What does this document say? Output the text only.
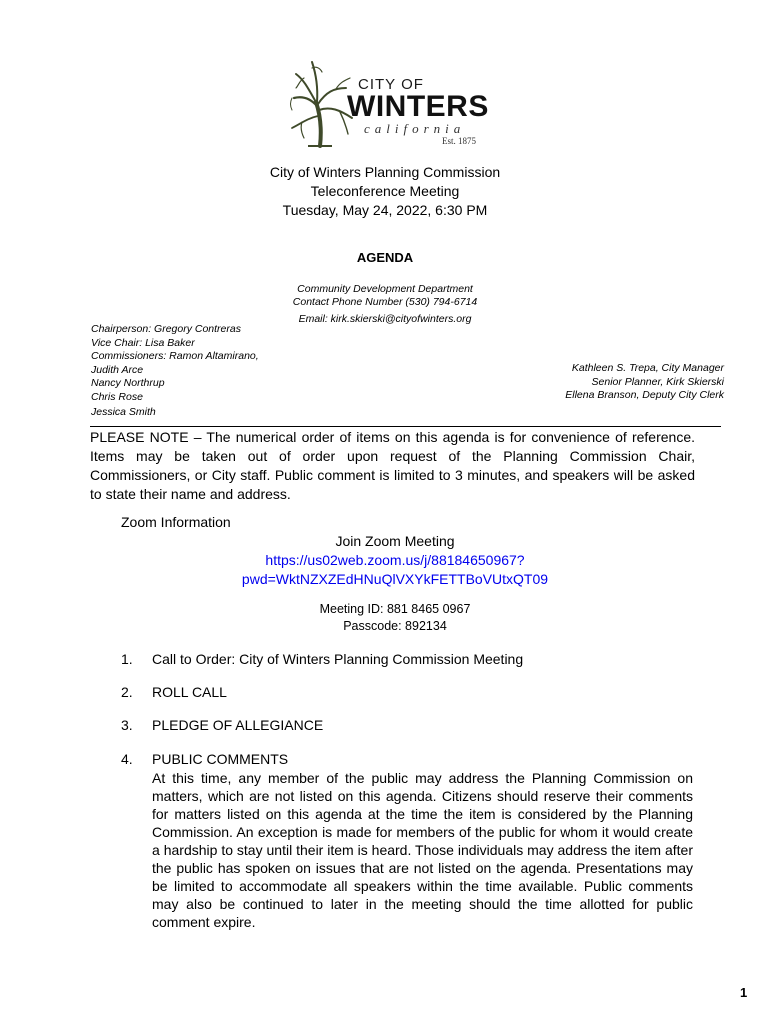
CITY OF
WINTERS
california
Est. 1875
City of Winters Planning Commission
Teleconference Meeting
Tuesday, May 24, 2022, 6:30 PM
AGENDA
Community Development Department
Contact Phone Number (530) 794-6714
Email: kirk.skierski@cityofwinters.org
Chairperson: Gregory Contreras
Vice Chair: Lisa Baker
Commissioners: Ramon Altamirano,
Judith Arce
Nancy Northrup
Chris Rose
Jessica Smith
Kathleen S. Trepa, City Manager
Senior Planner, Kirk Skierski
Ellena Branson, Deputy City Clerk
PLEASE NOTE – The numerical order of items on this agenda is for convenience of reference. Items may be taken out of order upon request of the Planning Commission Chair, Commissioners, or City staff. Public comment is limited to 3 minutes, and speakers will be asked to state their name and address.
Zoom Information
Join Zoom Meeting
https://us02web.zoom.us/j/88184650967?
pwd=WktNZXZEdHNuQlVXYkFETTBoVUtxQT09
Meeting ID: 881 8465 0967
Passcode: 892134
1. Call to Order: City of Winters Planning Commission Meeting
2. ROLL CALL
3. PLEDGE OF ALLEGIANCE
4. PUBLIC COMMENTS
At this time, any member of the public may address the Planning Commission on matters, which are not listed on this agenda. Citizens should reserve their comments for matters listed on this agenda at the time the item is considered by the Planning Commission. An exception is made for members of the public for whom it would create a hardship to stay until their item is heard. Those individuals may address the item after the public has spoken on issues that are not listed on the agenda. Presentations may be limited to accommodate all speakers within the time available. Public comments may also be continued to later in the meeting should the time allotted for public comment expire.
1
